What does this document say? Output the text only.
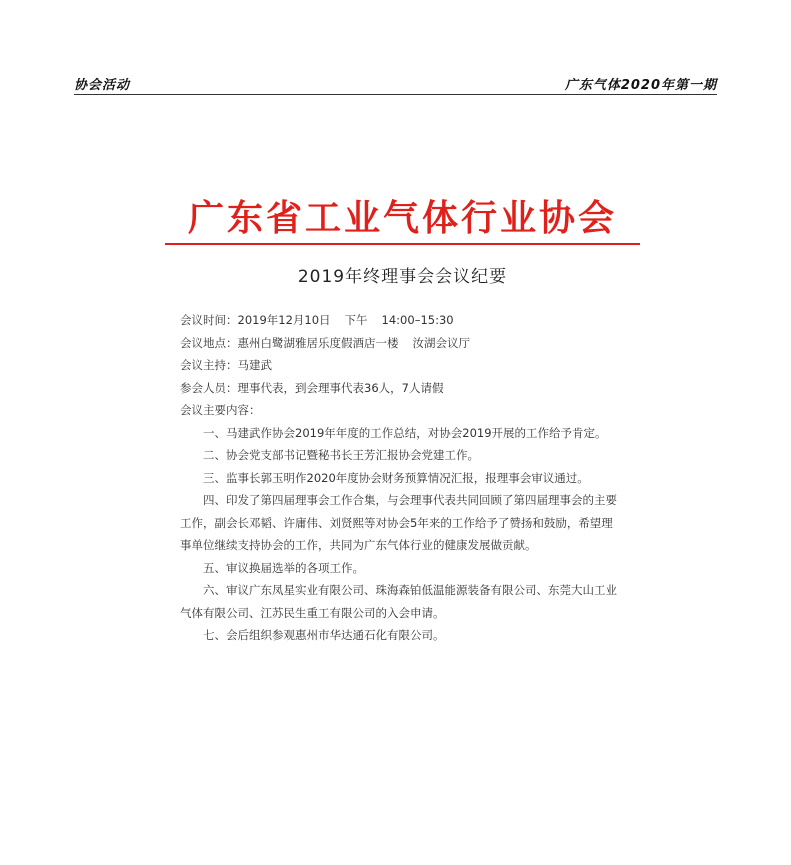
协会活动	广东气体2020年第一期
广东省工业气体行业协会
2019年终理事会会议纪要
会议时间：2019年12月10日 下午 14:00–15:30
会议地点：惠州白鹭湖雅居乐度假酒店一楼 汝湖会议厅
会议主持：马建武
参会人员：理事代表，到会理事代表36人，7人请假
会议主要内容：
一、马建武作协会2019年年度的工作总结，对协会2019开展的工作给予肯定。
二、协会党支部书记暨秘书长王芳汇报协会党建工作。
三、监事长郭玉明作2020年度协会财务预算情况汇报，报理事会审议通过。
四、印发了第四届理事会工作合集，与会理事代表共同回顾了第四届理事会的主要
工作，副会长邓韬、许庸伟、刘贤熙等对协会5年来的工作给予了赞扬和鼓励，希望理
事单位继续支持协会的工作，共同为广东气体行业的健康发展做贡献。
五、审议换届选举的各项工作。
六、审议广东凤星实业有限公司、珠海森铂低温能源装备有限公司、东莞大山工业
气体有限公司、江苏民生重工有限公司的入会申请。
七、会后组织参观惠州市华达通石化有限公司。
